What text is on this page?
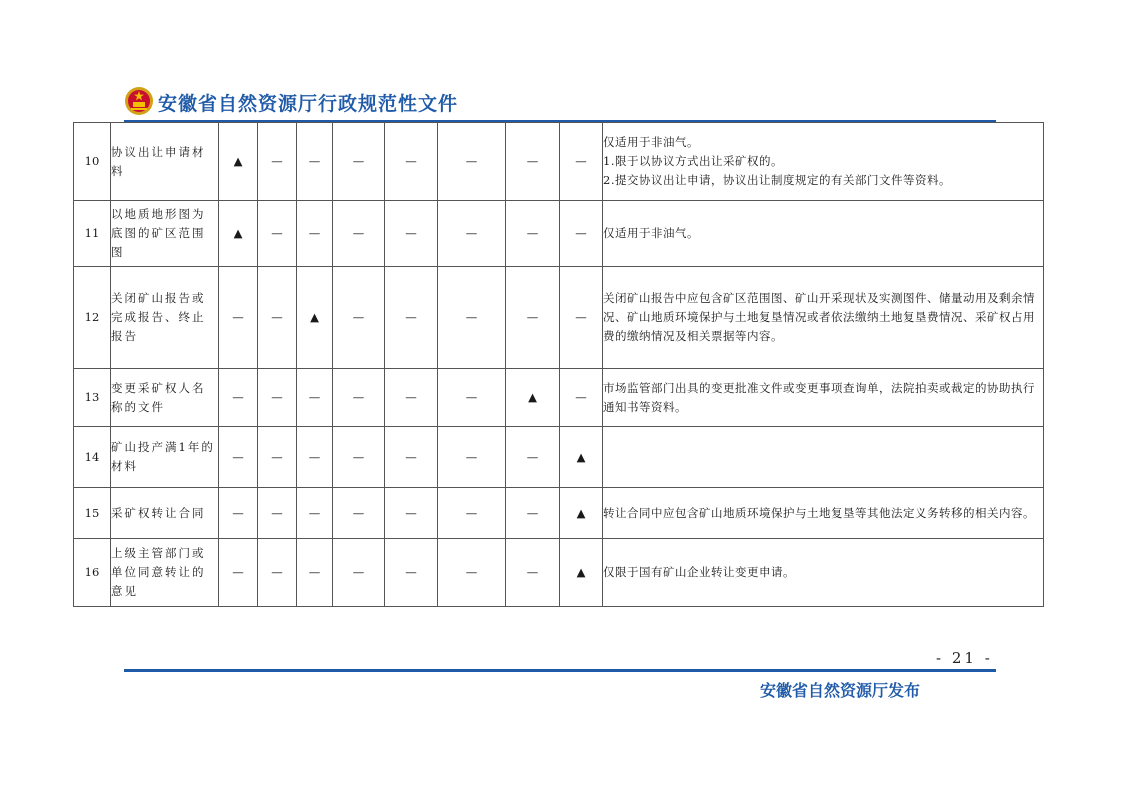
安徽省自然资源厅行政规范性文件
10	协议出让申请材料	▲	—	—	—	—	—	—	—	仅适用于非油气。
1.限于以协议方式出让采矿权的。
2.提交协议出让申请，协议出让制度规定的有关部门文件等资料。

11	以地质地形图为底图的矿区范围图	▲	—	—	—	—	—	—	—	仅适用于非油气。

12	关闭矿山报告或完成报告、终止报告	—	—	▲	—	—	—	—	—	关闭矿山报告中应包含矿区范围图、矿山开采现状及实测图件、储量动用及剩余情况、矿山地质环境保护与土地复垦情况或者依法缴纳土地复垦费情况、采矿权占用费的缴纳情况及相关票据等内容。

13	变更采矿权人名称的文件	—	—	—	—	—	—	▲	—	市场监管部门出具的变更批准文件或变更事项查询单，法院拍卖或裁定的协助执行通知书等资料。

14	矿山投产满1年的材料	—	—	—	—	—	—	—	▲	
15	采矿权转让合同	—	—	—	—	—	—	—	▲	转让合同中应包含矿山地质环境保护与土地复垦等其他法定义务转移的相关内容。

16	上级主管部门或单位同意转让的意见	—	—	—	—	—	—	—	▲	仅限于国有矿山企业转让变更申请。
- 21 -
安徽省自然资源厅发布
